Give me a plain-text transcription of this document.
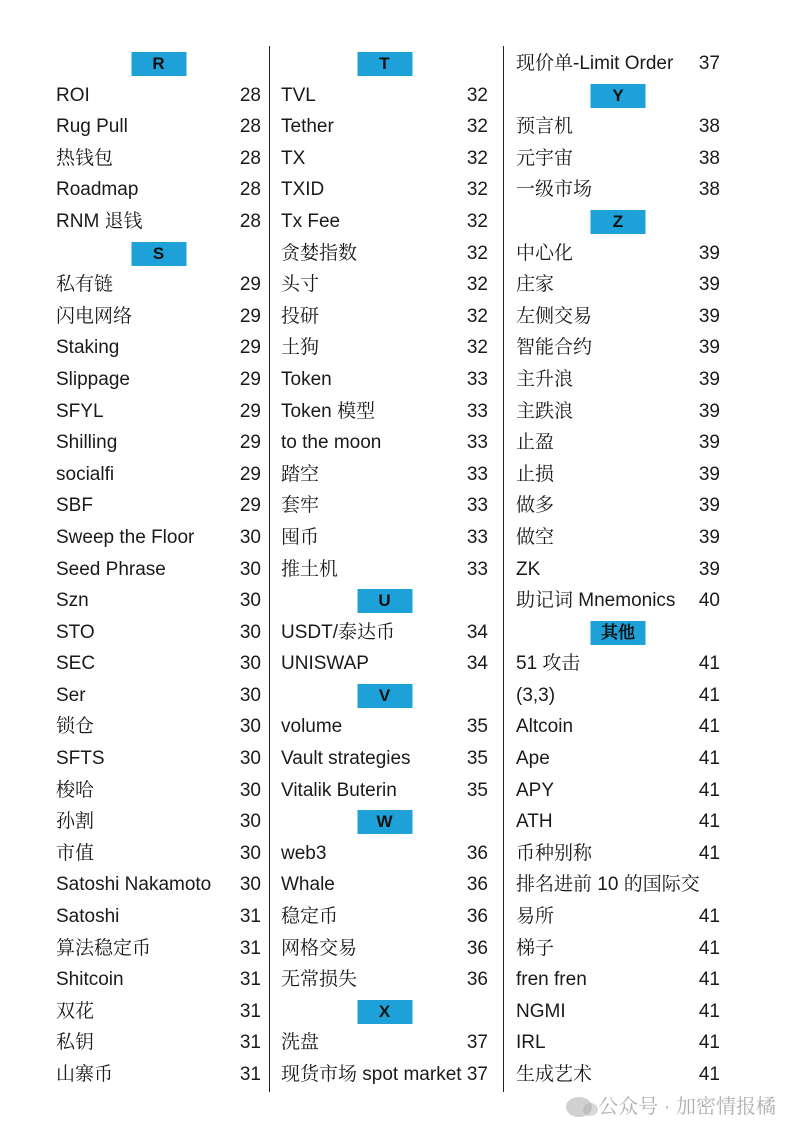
R
ROI	28
Rug Pull	28
热钱包	28
Roadmap	28
RNM 退钱	28
S
私有链	29
闪电网络	29
Staking	29
Slippage	29
SFYL	29
Shilling	29
socialfi	29
SBF	29
Sweep the Floor 30
Seed Phrase	30
Szn	30
STO	30
SEC	30
Ser	30
锁仓	30
SFTS	30
梭哈	30
孙割	30
市值	30
Satoshi Nakamoto 30
Satoshi	31
算法稳定币	31
Shitcoin	31
双花	31
私钥	31
山寨币	31
T
TVL	32
Tether	32
TX	32
TXID	32
Tx Fee	32
贪婪指数	32
头寸	32
投研	32
土狗	32
Token	33
Token 模型	33
to the moon	33
踏空	33
套牢	33
囤币	33
推土机	33
U
USDT/泰达币	34
UNISWAP	34
V
volume	35
Vault strategies	35
Vitalik Buterin	35
W
web3	36
Whale	36
稳定币	36
网格交易	36
无常损失	36
X
洗盘	37
现货市场 spot market 37
现价单-Limit Order 37
Y
预言机	38
元宇宙	38
一级市场	38
Z
中心化	39
庄家	39
左侧交易	39
智能合约	39
主升浪	39
主跌浪	39
止盈	39
止损	39
做多	39
做空	39
ZK	39
助记词 Mnemonics 40
其他
51 攻击	41
(3,3)	41
Altcoin	41
Ape	41
APY	41
ATH	41
币种别称	41
排名进前 10 的国际交
易所	41
梯子	41
fren fren	41
NGMI	41
IRL	41
生成艺术	41
公众号 · 加密情报橘
